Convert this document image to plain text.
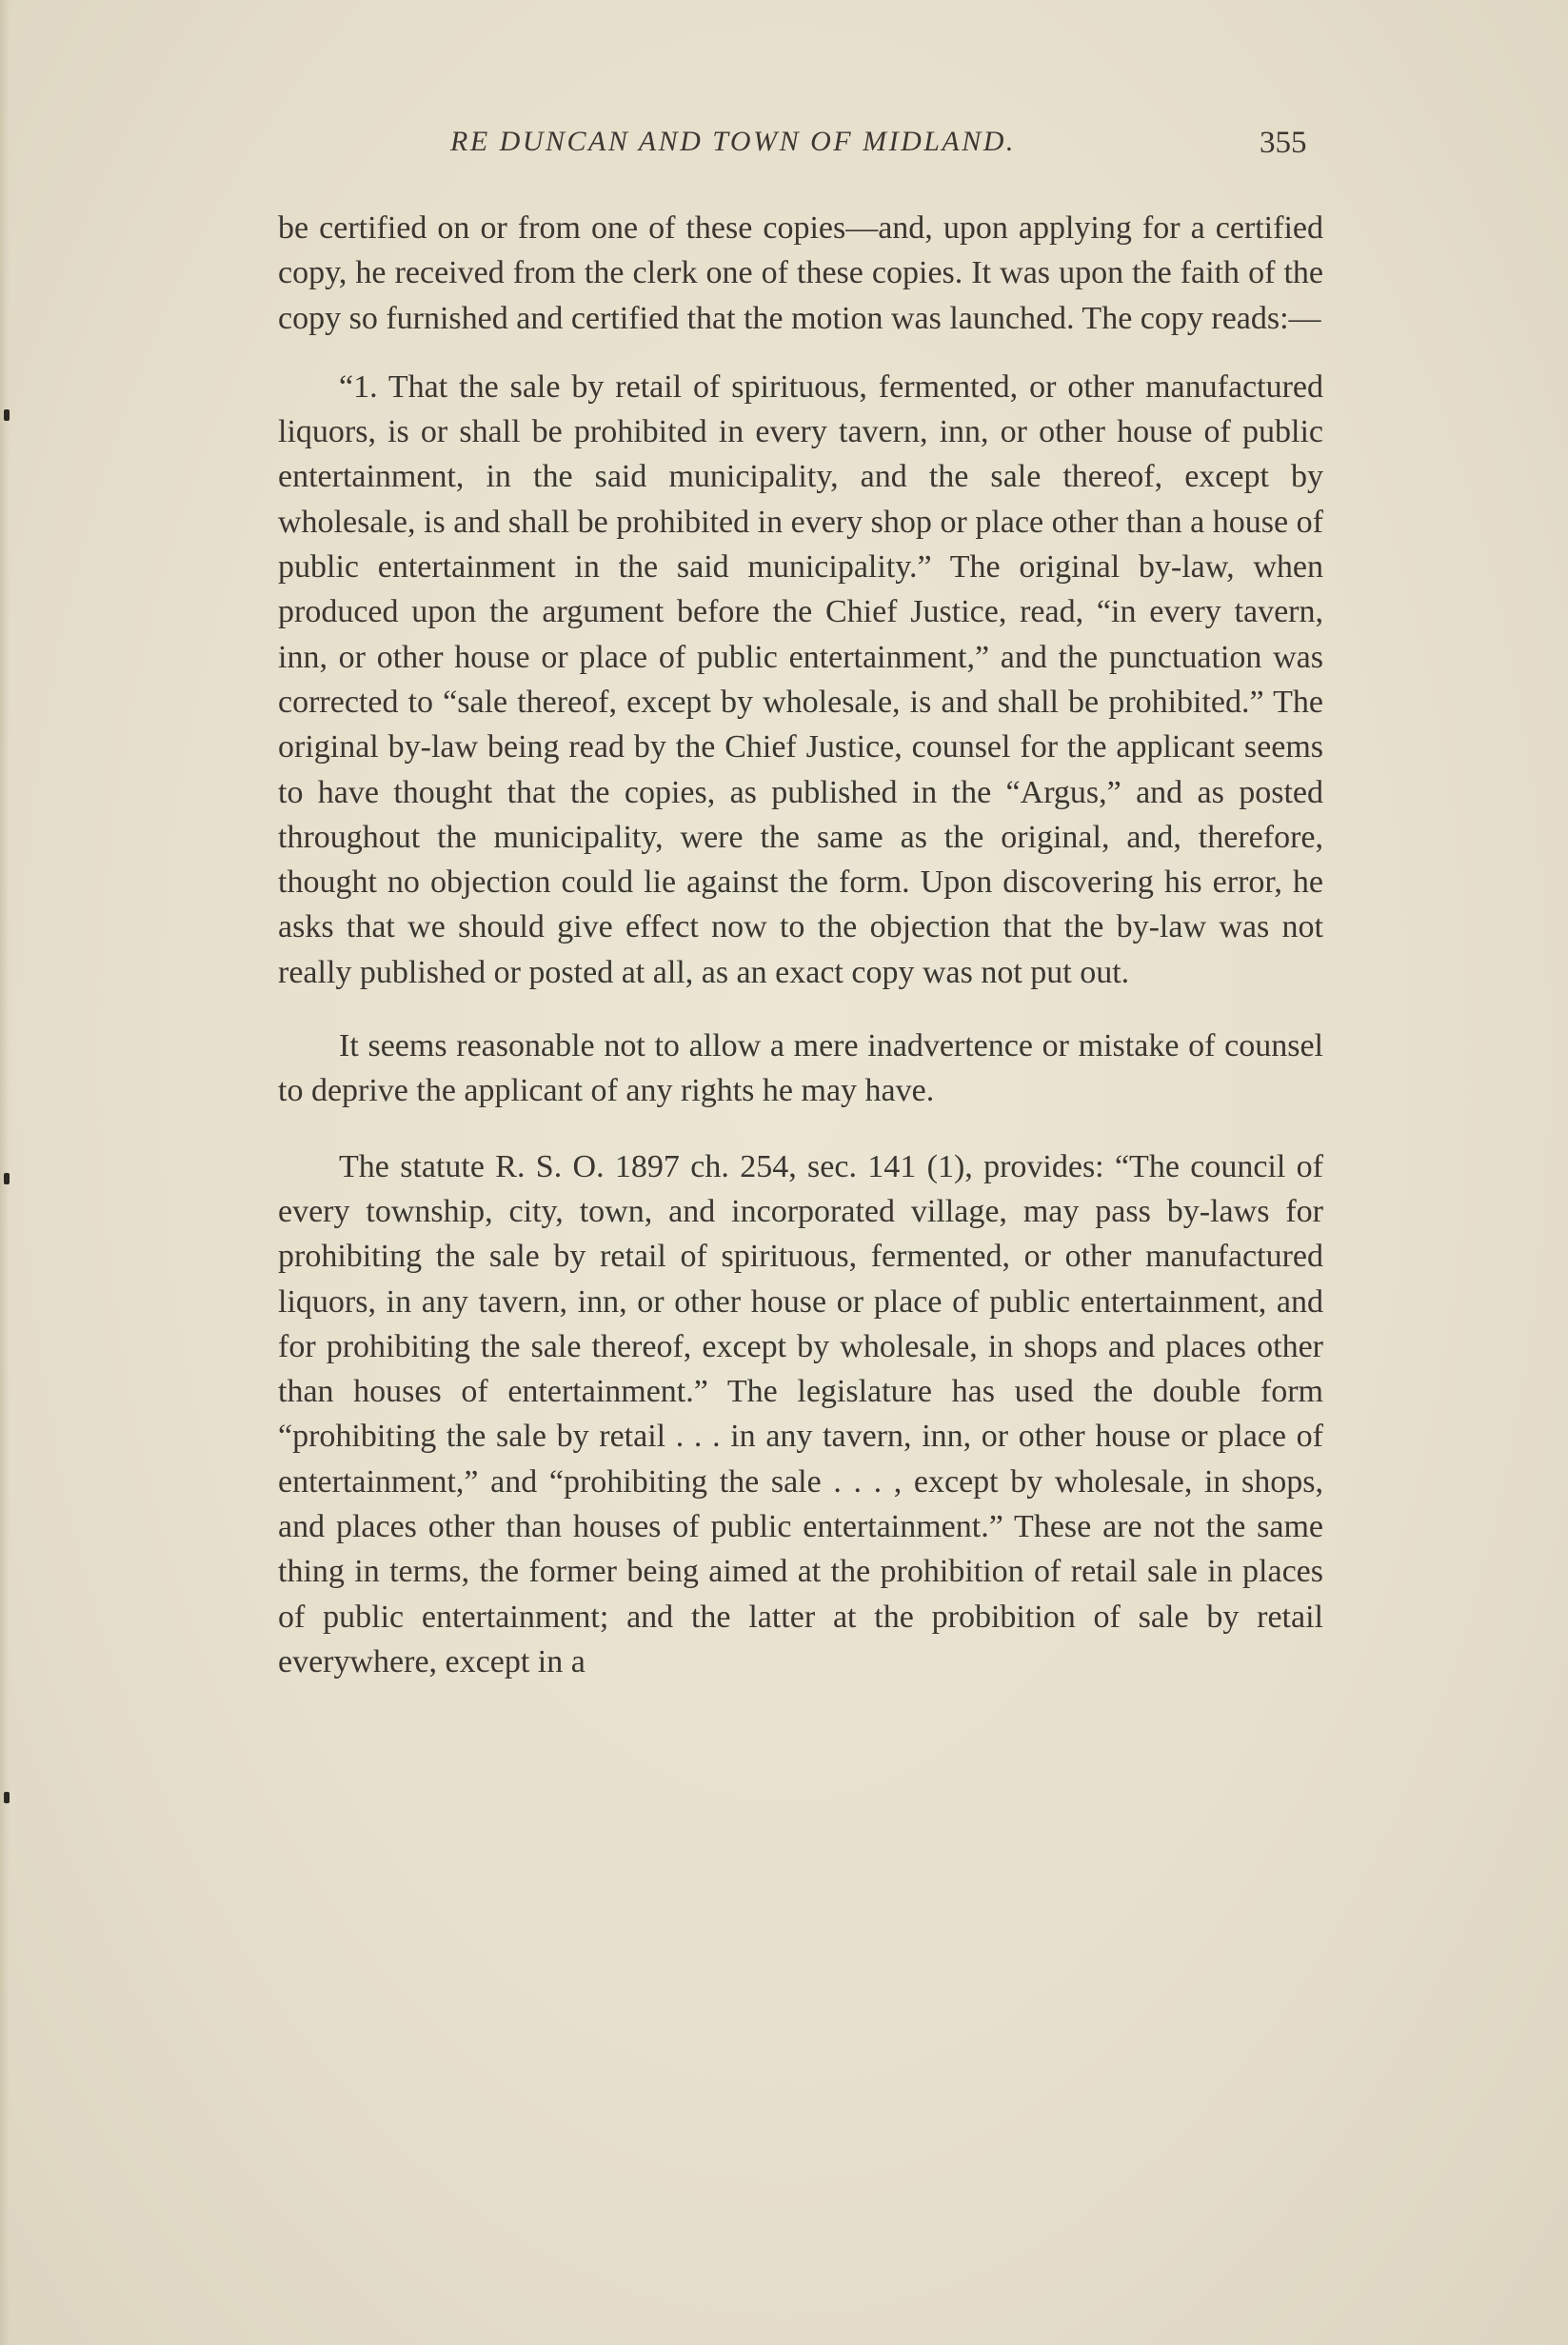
RE DUNCAN AND TOWN OF MIDLAND.	355

be certified on or from one of these copies—and, upon applying for a certified copy, he received from the clerk one of these copies. It was upon the faith of the copy so furnished and certified that the motion was launched. The copy reads:—

“1. That the sale by retail of spirituous, fermented, or other manufactured liquors, is or shall be prohibited in every tavern, inn, or other house of public entertainment, in the said municipality, and the sale thereof, except by wholesale, is and shall be prohibited in every shop or place other than a house of public entertainment in the said municipality.” The original by-law, when produced upon the argument before the Chief Justice, read, “in every tavern, inn, or other house or place of public entertainment,” and the punctuation was corrected to “sale thereof, except by wholesale, is and shall be prohibited.” The original by-law being read by the Chief Justice, counsel for the applicant seems to have thought that the copies, as published in the “Argus,” and as posted throughout the municipality, were the same as the original, and, therefore, thought no objection could lie against the form. Upon discovering his error, he asks that we should give effect now to the objection that the by-law was not really published or posted at all, as an exact copy was not put out.

It seems reasonable not to allow a mere inadvertence or mistake of counsel to deprive the applicant of any rights he may have.

The statute R. S. O. 1897 ch. 254, sec. 141 (1), provides: “The council of every township, city, town, and incorporated village, may pass by-laws for prohibiting the sale by retail of spirituous, fermented, or other manufactured liquors, in any tavern, inn, or other house or place of public entertainment, and for prohibiting the sale thereof, except by wholesale, in shops and places other than houses of entertainment.” The legislature has used the double form “prohibiting the sale by retail . . . in any tavern, inn, or other house or place of entertainment,” and “prohibiting the sale . . . , except by wholesale, in shops, and places other than houses of public entertainment.” These are not the same thing in terms, the former being aimed at the prohibition of retail sale in places of public entertainment; and the latter at the probibition of sale by retail everywhere, except in a
